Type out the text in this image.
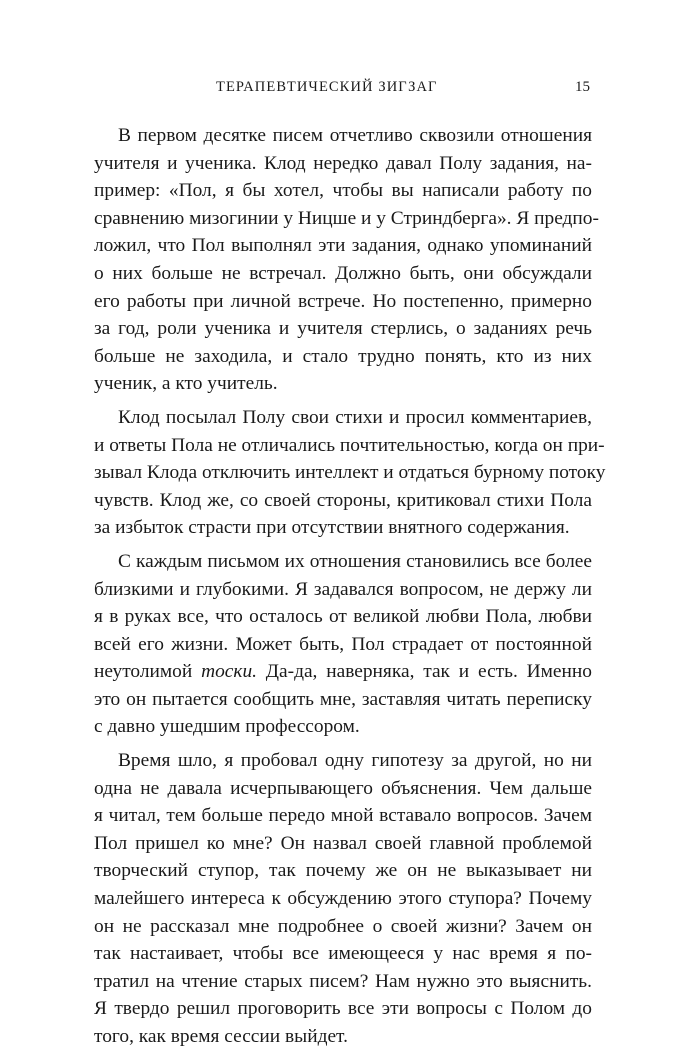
ТЕРАПЕВТИЧЕСКИЙ ЗИГЗАГ	15
В первом десятке писем отчетливо сквозили отношения
учителя и ученика. Клод нередко давал Полу задания, на-
пример: «Пол, я бы хотел, чтобы вы написали работу по
сравнению мизогинии у Ницше и у Стриндберга». Я предпо-
ложил, что Пол выполнял эти задания, однако упоминаний
о них больше не встречал. Должно быть, они обсуждали
его работы при личной встрече. Но постепенно, примерно
за год, роли ученика и учителя стерлись, о заданиях речь
больше не заходила, и стало трудно понять, кто из них
ученик, а кто учитель.
Клод посылал Полу свои стихи и просил комментариев,
и ответы Пола не отличались почтительностью, когда он при-
зывал Клода отключить интеллект и отдаться бурному потоку
чувств. Клод же, со своей стороны, критиковал стихи Пола
за избыток страсти при отсутствии внятного содержания.
С каждым письмом их отношения становились все более
близкими и глубокими. Я задавался вопросом, не держу ли
я в руках все, что осталось от великой любви Пола, любви
всей его жизни. Может быть, Пол страдает от постоянной
неутолимой тоски. Да-да, наверняка, так и есть. Именно
это он пытается сообщить мне, заставляя читать переписку
с давно ушедшим профессором.
Время шло, я пробовал одну гипотезу за другой, но ни
одна не давала исчерпывающего объяснения. Чем дальше
я читал, тем больше передо мной вставало вопросов. Зачем
Пол пришел ко мне? Он назвал своей главной проблемой
творческий ступор, так почему же он не выказывает ни
малейшего интереса к обсуждению этого ступора? Почему
он не рассказал мне подробнее о своей жизни? Зачем он
так настаивает, чтобы все имеющееся у нас время я по-
тратил на чтение старых писем? Нам нужно это выяснить.
Я твердо решил проговорить все эти вопросы с Полом до
того, как время сессии выйдет.
